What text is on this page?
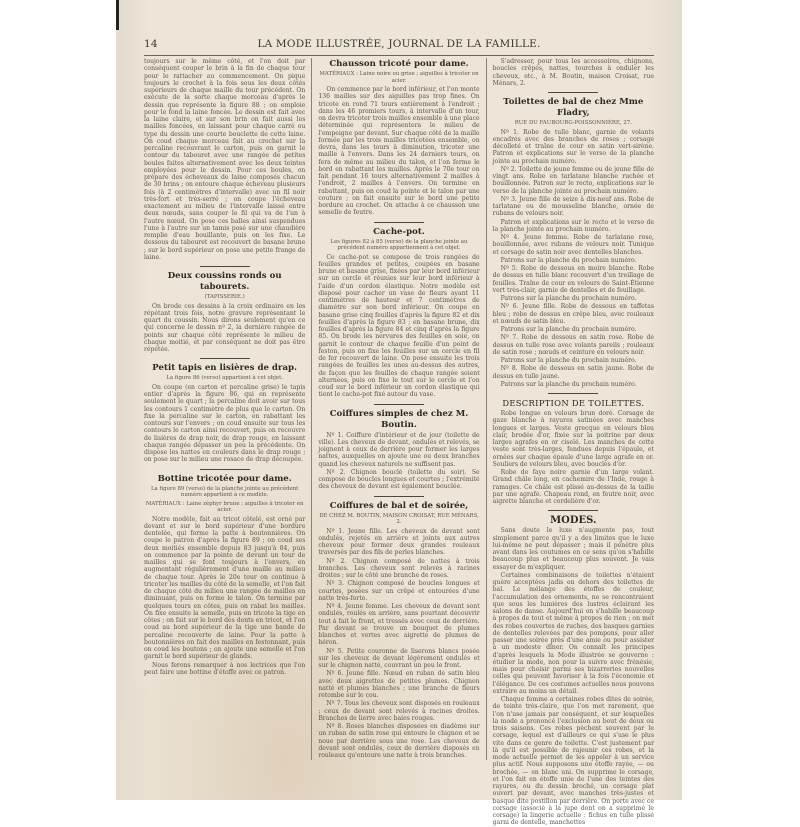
14	LA MODE ILLUSTRÉE, JOURNAL DE LA FAMILLE.

toujours sur le même côté, et l'on doit par conséquent couper le brin à la fin de chaque tour pour le rattacher au commencement. On pique toujours le crochet à la fois sous les deux côtés supérieurs de chaque maille du tour précédent. On exécute de la sorte chaque morceau d'après le dessin que représente la figure 88 ; on emploie pour le fond la laine foncée. Le dessin est fait avec la laine claire, et sur son brin on fait aussi les mailles foncées, en laissant pour chaque carré ou type du dessin une courte bouclette de cette laine. On coud chaque morceau fait au crochet sur la percaline recouvrant le carton, puis on garnit le contour du tabouret avec une rangée de petites boules faites alternativement avec les deux teintes employées pour le dessin. Pour ces boules, on prépare des écheveaux de laine composés chacun de 30 brins ; on entoure chaque écheveau plusieurs fois (à 2 centimètres d'intervalle) avec un fil noir très-fort et très-serré ; on coupe l'écheveau exactement au milieu de l'intervalle laissé entre deux nœuds, sans couper le fil qui va de l'un à l'autre nœud. On pose ces balles ainsi suspendues l'une à l'autre sur un tamis posé sur une chaudière remplie d'eau bouillante, puis on les fixe. Le dessous du tabouret est recouvert de basane brune ; sur le bord supérieur on pose une petite frange de laine.

Deux coussins ronds ou tabourets.
(TAPISSERIE.)

On brode ces dessins à la croix ordinaire en les répétant trois fois, notre gravure représentant le quart du coussin. Nous dirons seulement qu'en ce qui concerne le dessin nº 2, la dernière rangée de points sur chaque côté représente le milieu de chaque moitié, et par conséquent ne doit pas être répétée.

Petit tapis en lisières de drap.
La figure 86 (verso) appartient à cet objet.

On coupe (en carton et percaline grise) le tapis entier d'après la figure 86, qui en représente seulement le quart ; la percaline doit avoir sur tous les contours 1 centimètre de plus que le carton. On fixe la percaline sur le carton, en rabattant les contours sur l'envers ; on coud ensuite sur tous les contours le carton ainsi recouvert, puis on recouvre de lisières de drap noir, de drap rouge, en laissant chaque rangée dépasser un peu la précédente. On dispose les nattes en couleurs dans le drap rouge ; on pose sur le milieu une rosace de drap découpée.

Bottine tricotée pour dame.
La figure 89 (verso) de la planche jointe au précédent numéro appartient à ce modèle.
MATÉRIAUX : Laine zéphyr brune ; aiguilles à tricoter en acier.

Notre modèle, fait au tricot côtelé, est orné par devant et sur le bord supérieur d'une bordure dentelée, qui forme la patte à boutonnières. On coupe le patron d'après la figure 89 ; on coud ses deux moitiés ensemble depuis 83 jusqu'à 84, puis on commence par la pointe de devant un tour de mailles qui se font toujours à l'envers, en augmentant régulièrement d'une maille au milieu de chaque tour. Après le 20e tour on continue à tricoter les mailles du côté de la semelle, et l'on fait de chaque côté du milieu une rangée de mailles en diminuant, puis on forme le talon. On termine par quelques tours en côtes, puis on rabat les mailles. On fixe ensuite la semelle, puis on tricote la tige en côtes ; on fait sur le bord des dents en tricot, et l'on coud au bord supérieur de la tige une bande de percaline recouverte de laine. Pour la patte à boutonnières on fait des mailles en festonnant, puis on coud les boutons ; on ajoute une semelle et l'on garnit le bord supérieur de glands.

Nous ferons remarquer à nos lectrices que l'on peut faire une bottine d'étoffe avec ce patron.

Chausson tricoté pour dame.
MATÉRIAUX : Laine noire ou grise ; aiguilles à tricoter en acier.

On commence par le bord inférieur, et l'on monte 136 mailles sur des aiguilles pas trop fines. On tricote en rond 71 tours entièrement à l'endroit ; dans les 46 premiers tours, à intervalle d'un tour, on devra tricoter trois mailles ensemble à une place déterminée qui représentera le milieu de l'empeigne par devant. Sur chaque côté de la maille formée par les trois mailles tricotées ensemble, on devra, dans les tours à diminution, tricoter une maille à l'envers. Dans les 24 derniers tours, on fera de même au milieu du talon, et l'on ferme le bord en rabattant les mailles. Après le 70e tour on fait pendant 16 tours alternativement 2 mailles à l'endroit, 2 mailles à l'envers. On termine en rabattant, puis on coud la pointe et le talon par une couture ; on fait ensuite sur le bord une petite bordure au crochet. On attache à ce chausson une semelle de feutre.

Cache-pot.
Les figures 82 à 85 (verso) de la planche jointe au précédent numéro appartiennent à cet objet.

Ce cache-pot se compose de trois rangées de feuilles grandes et petites, coupées en basane brune et basane grise, fixées par leur bord inférieur sur un cercle et réunies sur leur bord inférieur à l'aide d'un cordon élastique. Notre modèle est disposé pour cacher un vase de fleurs ayant 11 centimètres de hauteur et 7 centimètres de diamètre sur son bord inférieur. On coupe en basane grise cinq feuilles d'après la figure 82 et dix feuilles d'après la figure 83 ; en basane brune, dix feuilles d'après la figure 84 et cinq d'après la figure 85. On brode les nervures des feuilles en soie, on garnit le contour de chaque feuille d'un point de feston, puis on fixe les feuilles sur un cercle en fil de fer recouvert de laine. On pose ensuite les trois rangées de feuilles les unes au-dessus des autres, de façon que les feuilles de chaque rangée soient alternées, puis on fixe le tout sur le cercle et l'on coud sur le bord inférieur un cordon élastique qui tient le cache-pot fixé autour du vase.

Coiffures simples de chez M. Boutin.

Nº 1. Coiffure d'intérieur et de jour (toilette de ville). Les cheveux de devant, ondulés et relevés, se joignent à ceux de derrière pour former les larges nattes, auxquelles on ajoute une ou deux branches quand les cheveux naturels ne suffisent pas.

Nº 2. Chignon bouclé (toilette du soir). Se compose de boucles longues et courtes ; l'extrémité des cheveux de devant est également bouclée.

Coiffures de bal et de soirée,
DE CHEZ M. BOUTIN, MAISON CROISAT, RUE MÉNARS, 2.

Nº 1. Jeune fille. Les cheveux de devant sont ondulés, rejetés en arrière et joints aux autres cheveux pour former deux grandes rouleaux traversés par des fils de perles blanches.

Nº 2. Chignon composé de nattes à trois branches. Les cheveux sont relevés à racines droites ; sur le côté une branche de roses.

Nº 3. Chignon composé de boucles longues et courtes, posées sur un crêpé et entourées d'une natte très-forte.

Nº 4. Jeune femme. Les cheveux de devant sont ondulés, roulés en arrière, sans pourtant découvrir tout à fait le front, et tressés avec ceux de derrière. Par devant se trouve un bouquet de plumes blanches et vertes avec aigrette de plumes de héron.

Nº 5. Petite couronne de liserons blancs posée sur les cheveux de devant légèrement ondulés et sur le chignon natté, couvrant un peu le front.

Nº 6. Jeune fille. Nœud en ruban de satin bleu avec deux aigrettes de petites plumes. Chignon natté et plumes blanches ; une branche de fleurs retombe sur le cou.

Nº 7. Tous les cheveux sont disposés en rouleaux ; ceux de devant sont relevés à racines droites. Branches de lierre avec baies rouges.

Nº 8. Roses blanches disposées en diadème sur un ruban de satin rose qui entoure le chignon et se noue par derrière sous une rose. Les cheveux de devant sont ondulés, ceux de derrière disposés en rouleaux qu'entoure une natte à trois branches.

S'adresser, pour tous les accessoires, chignons, boucles crêpés, nattes, tourches à onduler les cheveux, etc., à M. Boutin, maison Croisat, rue Ménars, 2.

Toilettes de bal de chez Mme Fladry,
RUE DU FAUBOURG-POISSONNIÈRE, 27.

Nº 1. Robe de tulle blanc, garnie de volants encadrés avec des branches de roses ; corsage décolleté et traîne de cour en satin vert-sirène. Patron et explications sur le verso de la planche jointe au prochain numéro.

Nº 2. Toilette de jeune femme ou de jeune fille de vingt ans. Robe en tarlatane blanche ruchée et bouillonnée. Patron sur le recto, explications sur le verso de la planche jointe au prochain numéro.

Nº 3. Jeune fille de seize à dix-neuf ans. Robe de tarlatane ou de mousseline blanche, ornée de rubans de velours noir.

Patron et explications sur le recto et le verso de la planche jointe au prochain numéro.

Nº 4. Jeune femme. Robe de tarlatane rose, bouillonnée, avec rubans de velours noir. Tunique et corsage de satin noir avec dentelles blanches.

Patrons sur la planche du prochain numéro.

Nº 5. Robe de dessous en moire blanche. Robe de dessus en tulle blanc recouvert d'un treillage de feuilles. Traîne de cour en velours de Saint-Étienne vert très-clair, garnie de dentelles et de feuillage.

Patrons sur la planche du prochain numéro.

Nº 6. Jeune fille. Robe de dessous en taffetas bleu ; robe de dessus en crêpe bleu, avec rouleaux et nœuds de satin bleu.

Patrons sur la planche du prochain numéro.

Nº 7. Robe de dessous en satin rose. Robe de dessus en tulle rose avec volants pareils ; rouleaux de satin rose ; nœuds et ceinture en velours noir.

Patrons sur la planche du prochain numéro.

Nº 8. Robe de dessous en satin jaune. Robe de dessus en tulle jaune.

Patrons sur la planche du prochain numéro.

DESCRIPTION DE TOILETTES.

Robe longue en velours brun doré. Corsage de gaze blanche à rayures satinées avec manches longues et larges. Veste grecque en velours bleu clair, brodée d'or, fixée sur la poitrine par deux larges agrafes en or ciselé. Les manches de cette veste sont très-larges, fendues depuis l'épaule, et ornées sur chaque épaule d'une large agrafe en or. Souliers de velours bleu, avec boucles d'or.

Robe de faye noire garnie d'un large volant. Grand châle long, en cachemire de l'Inde, rouge à ramages. Ce châle est plissé au-dessus de la taille par une agrafe. Chapeau rond, en feutre noir, avec aigrette blanche et cordelière d'or.

MODES.

Sans doute le luxe n'augmente pas, tout simplement parce qu'il y a des limites que le luxe lui-même ne peut dépasser ; mais il pénètre plus avant dans les coutumes en ce sens qu'on s'habille beaucoup plus et beaucoup plus souvent. Je vais essayer de m'expliquer.

Certaines combinaisons de toilettes n'étaient guère acceptées jadis en dehors des toilettes de bal. Le mélange des étoffes de couleur, l'accumulation des ornements, ne se rencontraient que sous les lumières des lustres éclairant les salons de danse. Aujourd'hui on s'habille beaucoup à propos de tout et même à propos de rien ; on met des robes couvertes de ruches, des basques garnies de dentelles relevées par des pompons, pour aller passer une soirée près d'une amie ou pour assister à un modeste dîner. On connaît les principes d'après lesquels la Mode illustrée se gouverne : étudier la mode, non pour la suivre avec frénésie, mais pour choisir parmi ses bizarreries nouvelles celles qui peuvent favoriser à la fois l'économie et l'élégance. De ces costumes actuelles nous pouvons extraire au moins un détail.

Chaque femme a certaines robes dites de soirée, de teinte très-claire, que l'on met rarement, que l'on n'use jamais par conséquent, et sur lesquelles la mode a prononcé l'exclusion au bout de deux ou trois saisons. Ces robes pèchent souvent par le corsage, lequel est d'ailleurs ce qui s'use le plus vite dans ce genre de toilette. C'est justement par là qu'il est possible de rajeunir ces robes, et la mode actuelle permet de les appeler à un service plus actif. Nous supposons une étoffe rayée, — ou brochée, — en blanc uni. On supprime le corsage, et l'on fait en étoffe unie de l'une des teintes des rayures, ou du dessin broché, un corsage plat ouvert par devant, avec manches très-justes et basque dite postillon par derrière. On porte avec ce corsage (associé à la jupe dont on a supprimé le corsage) la lingerie actuelle : fichus en tulle plissé garni de dentelle, manchettes
